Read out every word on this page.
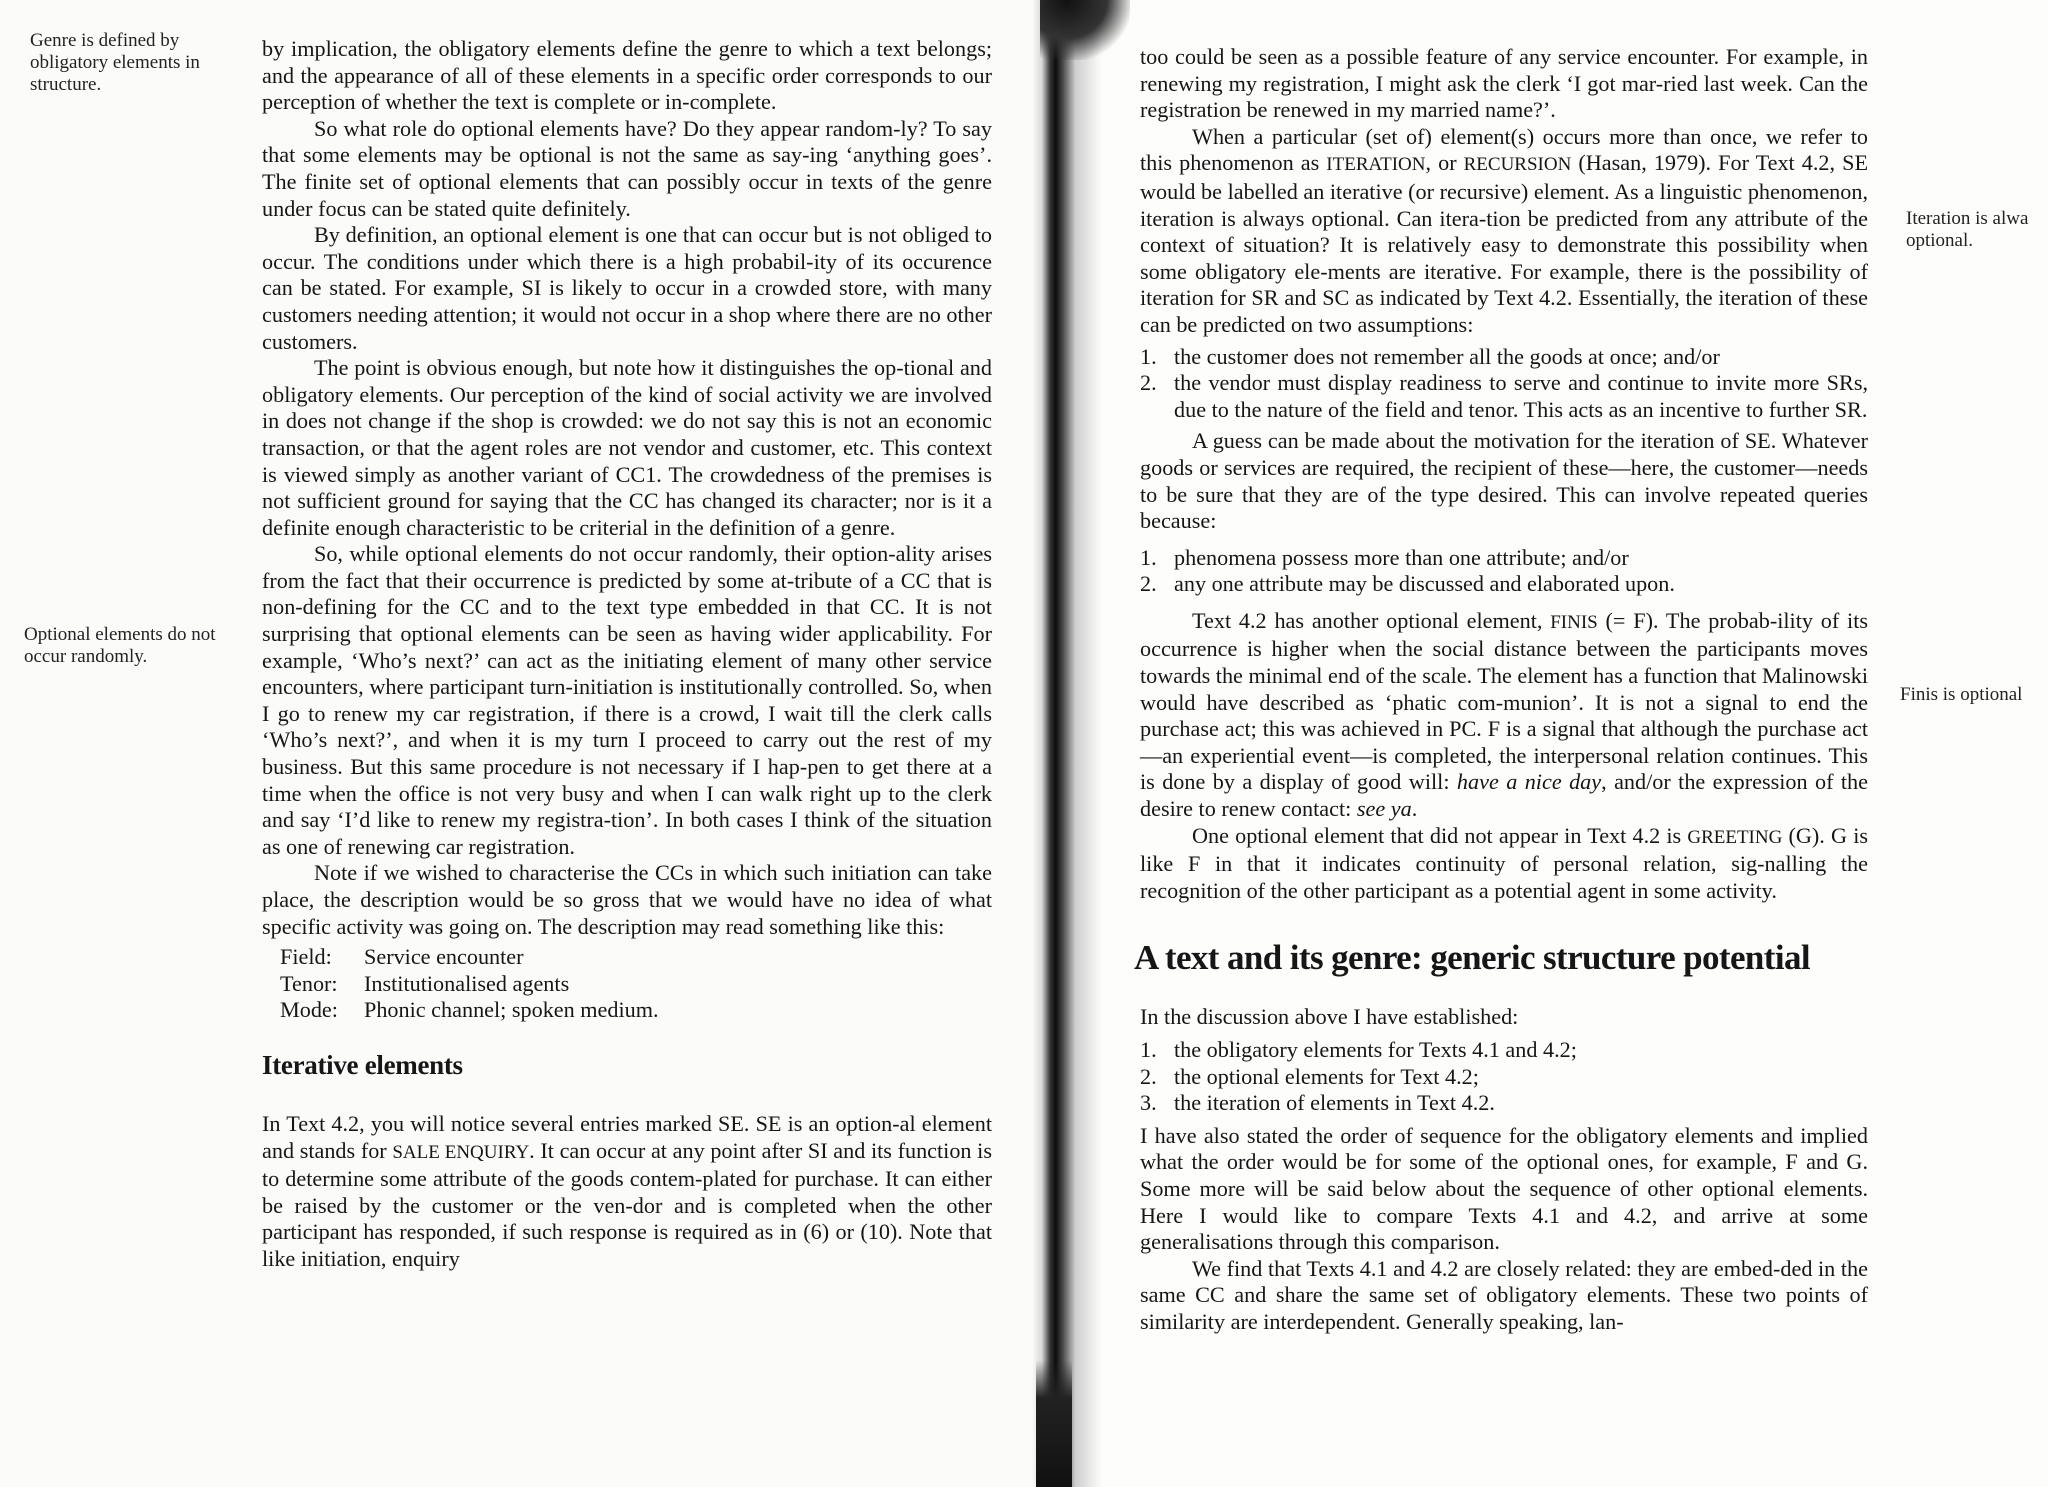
Genre is defined by obligatory elements in structure.
Optional elements do not occur randomly.

by implication, the obligatory elements define the genre to which a text belongs; and the appearance of all of these elements in a specific order corresponds to our perception of whether the text is complete or in-complete.

So what role do optional elements have? Do they appear random-ly? To say that some elements may be optional is not the same as say-ing ‘anything goes’. The finite set of optional elements that can possibly occur in texts of the genre under focus can be stated quite definitely.

By definition, an optional element is one that can occur but is not obliged to occur. The conditions under which there is a high probabil-ity of its occurence can be stated. For example, SI is likely to occur in a crowded store, with many customers needing attention; it would not occur in a shop where there are no other customers.

The point is obvious enough, but note how it distinguishes the op-tional and obligatory elements. Our perception of the kind of social activity we are involved in does not change if the shop is crowded: we do not say this is not an economic transaction, or that the agent roles are not vendor and customer, etc. This context is viewed simply as another variant of CC1. The crowdedness of the premises is not sufficient ground for saying that the CC has changed its character; nor is it a definite enough characteristic to be criterial in the definition of a genre.

So, while optional elements do not occur randomly, their option-ality arises from the fact that their occurrence is predicted by some at-tribute of a CC that is non-defining for the CC and to the text type embedded in that CC. It is not surprising that optional elements can be seen as having wider applicability. For example, ‘Who’s next?’ can act as the initiating element of many other service encounters, where participant turn-initiation is institutionally controlled. So, when I go to renew my car registration, if there is a crowd, I wait till the clerk calls ‘Who’s next?’, and when it is my turn I proceed to carry out the rest of my business. But this same procedure is not necessary if I hap-pen to get there at a time when the office is not very busy and when I can walk right up to the clerk and say ‘I’d like to renew my registra-tion’. In both cases I think of the situation as one of renewing car registration.

Note if we wished to characterise the CCs in which such initiation can take place, the description would be so gross that we would have no idea of what specific activity was going on. The description may read something like this:

Field:	Service encounter
Tenor:	Institutionalised agents
Mode:	Phonic channel; spoken medium.
Iterative elements

In Text 4.2, you will notice several entries marked SE. SE is an option-al element and stands for SALE ENQUIRY. It can occur at any point after SI and its function is to determine some attribute of the goods contem-plated for purchase. It can either be raised by the customer or the ven-dor and is completed when the other participant has responded, if such response is required as in (6) or (10). Note that like initiation, enquiry

Iteration is alwa optional.
Finis is optional

too could be seen as a possible feature of any service encounter. For example, in renewing my registration, I might ask the clerk ‘I got mar-ried last week. Can the registration be renewed in my married name?’.

When a particular (set of) element(s) occurs more than once, we refer to this phenomenon as ITERATION, or RECURSION (Hasan, 1979). For Text 4.2, SE would be labelled an iterative (or recursive) element. As a linguistic phenomenon, iteration is always optional. Can itera-tion be predicted from any attribute of the context of situation? It is relatively easy to demonstrate this possibility when some obligatory ele-ments are iterative. For example, there is the possibility of iteration for SR and SC as indicated by Text 4.2. Essentially, the iteration of these can be predicted on two assumptions:

1. the customer does not remember all the goods at once; and/or
2. the vendor must display readiness to serve and continue to invite more SRs, due to the nature of the field and tenor. This acts as an incentive to further SR.

A guess can be made about the motivation for the iteration of SE. Whatever goods or services are required, the recipient of these—here, the customer—needs to be sure that they are of the type desired. This can involve repeated queries because:

1. phenomena possess more than one attribute; and/or
2. any one attribute may be discussed and elaborated upon.

Text 4.2 has another optional element, FINIS (= F). The probab-ility of its occurrence is higher when the social distance between the participants moves towards the minimal end of the scale. The element has a function that Malinowski would have described as ‘phatic com-munion’. It is not a signal to end the purchase act; this was achieved in PC. F is a signal that although the purchase act—an experiential event—is completed, the interpersonal relation continues. This is done by a display of good will: have a nice day, and/or the expression of the desire to renew contact: see ya.

One optional element that did not appear in Text 4.2 is GREETING (G). G is like F in that it indicates continuity of personal relation, sig-nalling the recognition of the other participant as a potential agent in some activity.

A text and its genre: generic structure potential

In the discussion above I have established:

1. the obligatory elements for Texts 4.1 and 4.2;
2. the optional elements for Text 4.2;
3. the iteration of elements in Text 4.2.

I have also stated the order of sequence for the obligatory elements and implied what the order would be for some of the optional ones, for example, F and G. Some more will be said below about the sequence of other optional elements. Here I would like to compare Texts 4.1 and 4.2, and arrive at some generalisations through this comparison.

We find that Texts 4.1 and 4.2 are closely related: they are embed-ded in the same CC and share the same set of obligatory elements. These two points of similarity are interdependent. Generally speaking, lan-
